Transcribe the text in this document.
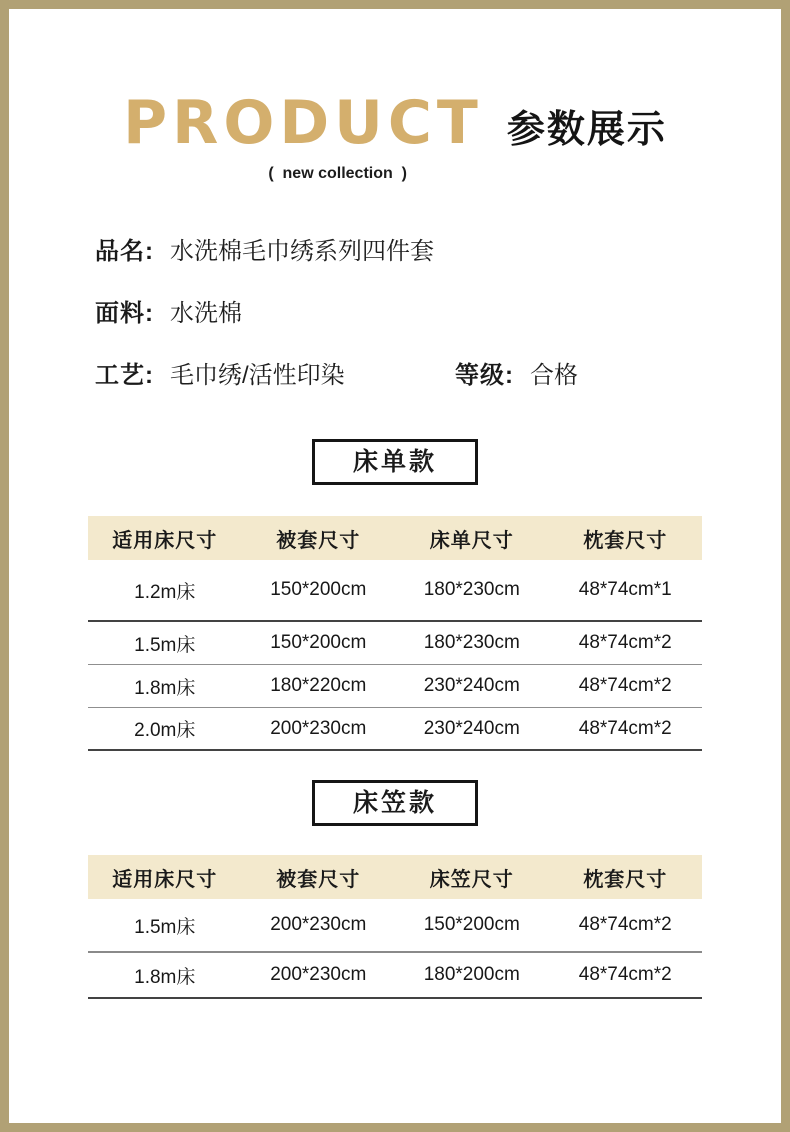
PRODUCT 参数展示
(  new collection  )
品名: 水洗棉毛巾绣系列四件套
面料: 水洗棉
工艺: 毛巾绣/活性印染	等级: 合格
床单款
适用床尺寸	被套尺寸	床单尺寸	枕套尺寸
1.2m床	150*200cm	180*230cm	48*74cm*1
1.5m床	150*200cm	180*230cm	48*74cm*2
1.8m床	180*220cm	230*240cm	48*74cm*2
2.0m床	200*230cm	230*240cm	48*74cm*2
床笠款
适用床尺寸	被套尺寸	床笠尺寸	枕套尺寸
1.5m床	200*230cm	150*200cm	48*74cm*2
1.8m床	200*230cm	180*200cm	48*74cm*2
